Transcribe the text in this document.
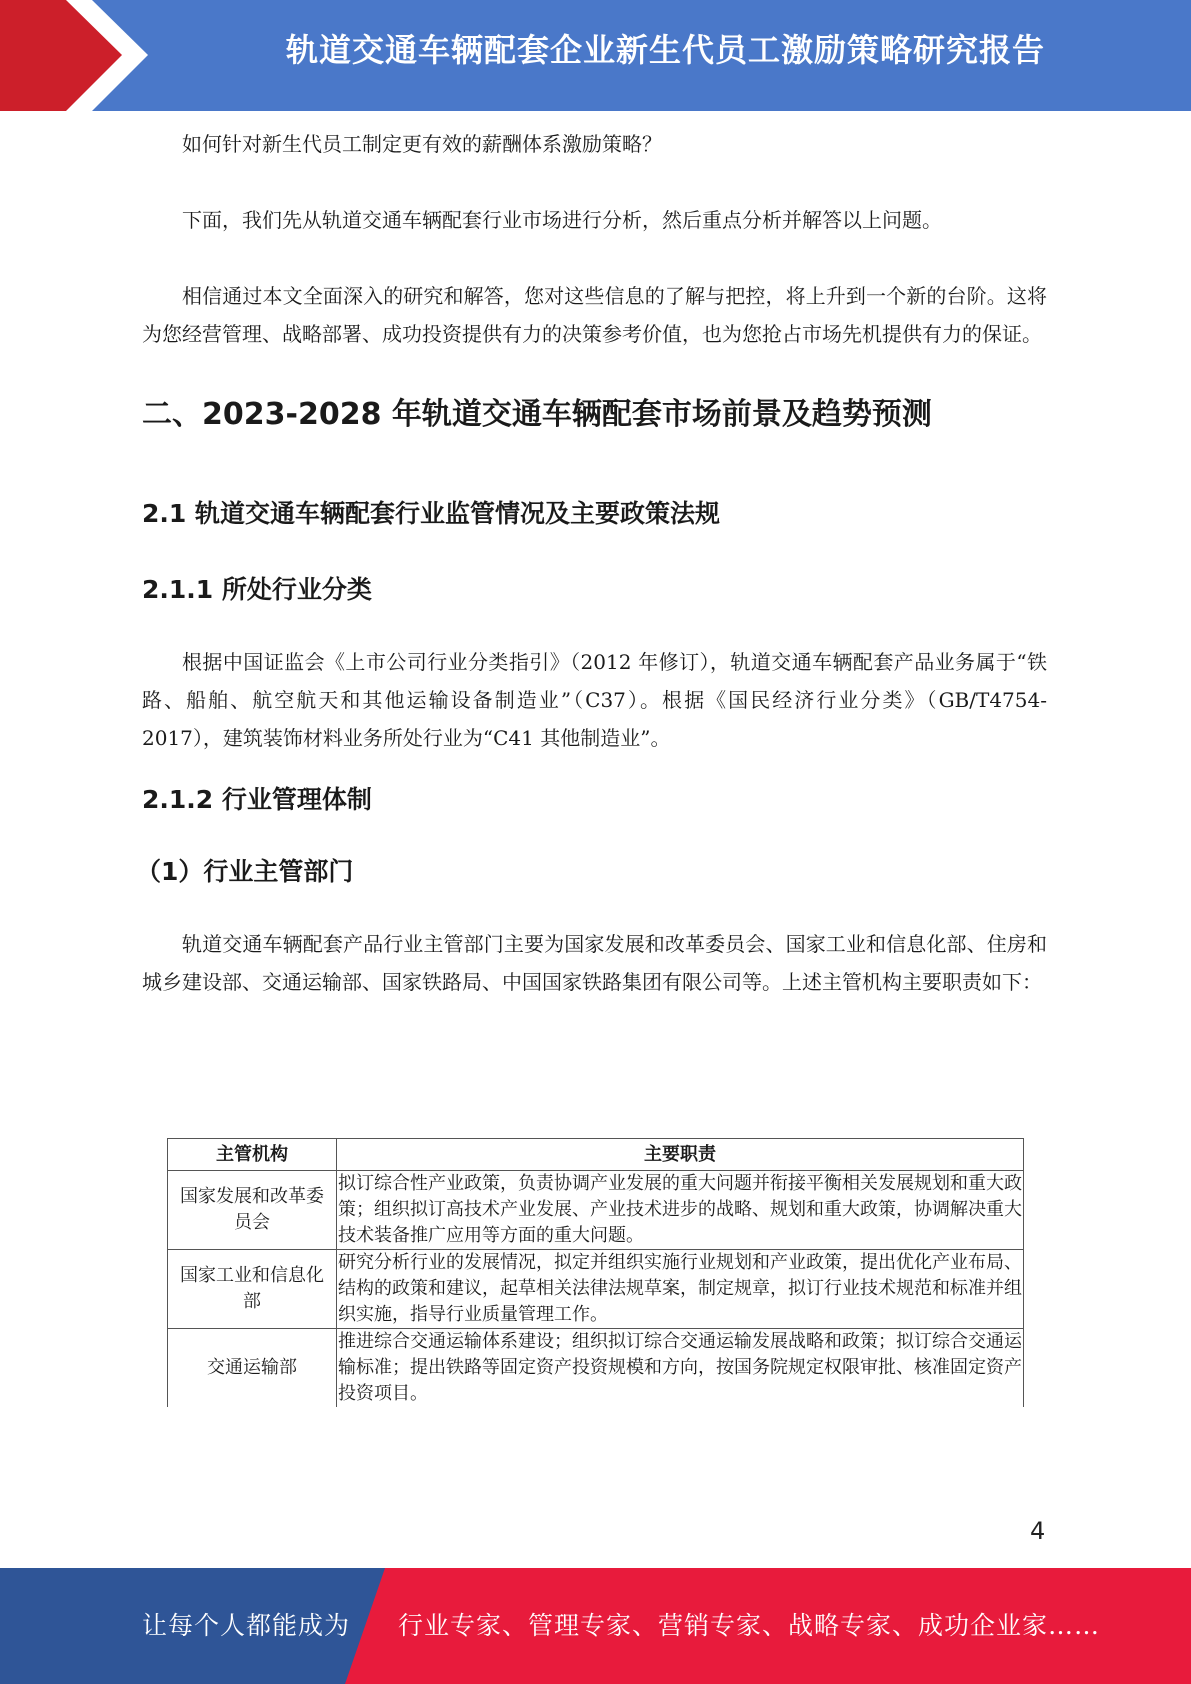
轨道交通车辆配套企业新生代员工激励策略研究报告

如何针对新生代员工制定更有效的薪酬体系激励策略？

下面，我们先从轨道交通车辆配套行业市场进行分析，然后重点分析并解答以上问题。

相信通过本文全面深入的研究和解答，您对这些信息的了解与把控，将上升到一个新的台阶。这将为您经营管理、战略部署、成功投资提供有力的决策参考价值，也为您抢占市场先机提供有力的保证。

二、2023-2028 年轨道交通车辆配套市场前景及趋势预测
2.1 轨道交通车辆配套行业监管情况及主要政策法规
2.1.1 所处行业分类

根据中国证监会《上市公司行业分类指引》（2012 年修订），轨道交通车辆配套产品业务属于“铁路、船舶、航空航天和其他运输设备制造业”（C37）。根据《国民经济行业分类》（GB/T4754-2017），建筑装饰材料业务所处行业为“C41 其他制造业”。

2.1.2 行业管理体制
（1）行业主管部门

轨道交通车辆配套产品行业主管部门主要为国家发展和改革委员会、国家工业和信息化部、住房和城乡建设部、交通运输部、国家铁路局、中国国家铁路集团有限公司等。上述主管机构主要职责如下：

主管机构	主要职责
国家发展和改革委员会	拟订综合性产业政策，负责协调产业发展的重大问题并衔接平衡相关发展规划和重大政策；组织拟订高技术产业发展、产业技术进步的战略、规划和重大政策，协调解决重大技术装备推广应用等方面的重大问题。
国家工业和信息化部	研究分析行业的发展情况，拟定并组织实施行业规划和产业政策，提出优化产业布局、结构的政策和建议，起草相关法律法规草案，制定规章，拟订行业技术规范和标准并组织实施，指导行业质量管理工作。
交通运输部	推进综合交通运输体系建设；组织拟订综合交通运输发展战略和政策；拟订综合交通运输标准；提出铁路等固定资产投资规模和方向，按国务院规定权限审批、核准固定资产投资项目。
4
让每个人都能成为 行业专家、管理专家、营销专家、战略专家、成功企业家……
